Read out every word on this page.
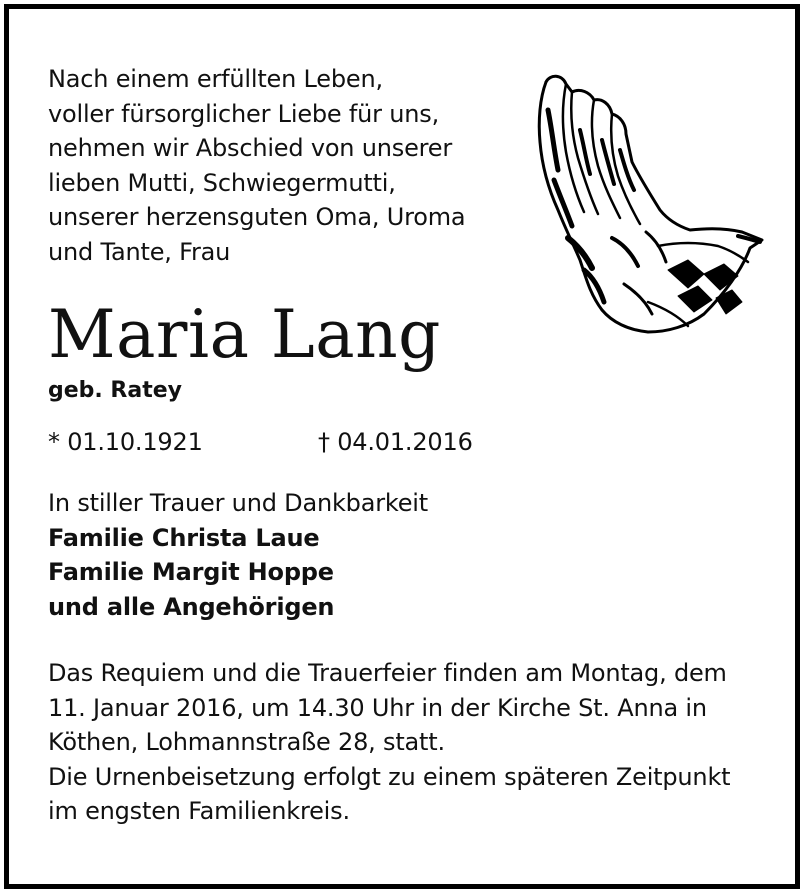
Nach einem erfüllten Leben,
voller fürsorglicher Liebe für uns,
nehmen wir Abschied von unserer
lieben Mutti, Schwiegermutti,
unserer herzensguten Oma, Uroma
und Tante, Frau
Maria Lang
geb. Ratey
* 01.10.1921	† 04.01.2016
In stiller Trauer und Dankbarkeit
Familie Christa Laue
Familie Margit Hoppe
und alle Angehörigen
Das Requiem und die Trauerfeier finden am Montag, dem
11. Januar 2016, um 14.30 Uhr in der Kirche St. Anna in
Köthen, Lohmannstraße 28, statt.
Die Urnenbeisetzung erfolgt zu einem späteren Zeitpunkt
im engsten Familienkreis.
